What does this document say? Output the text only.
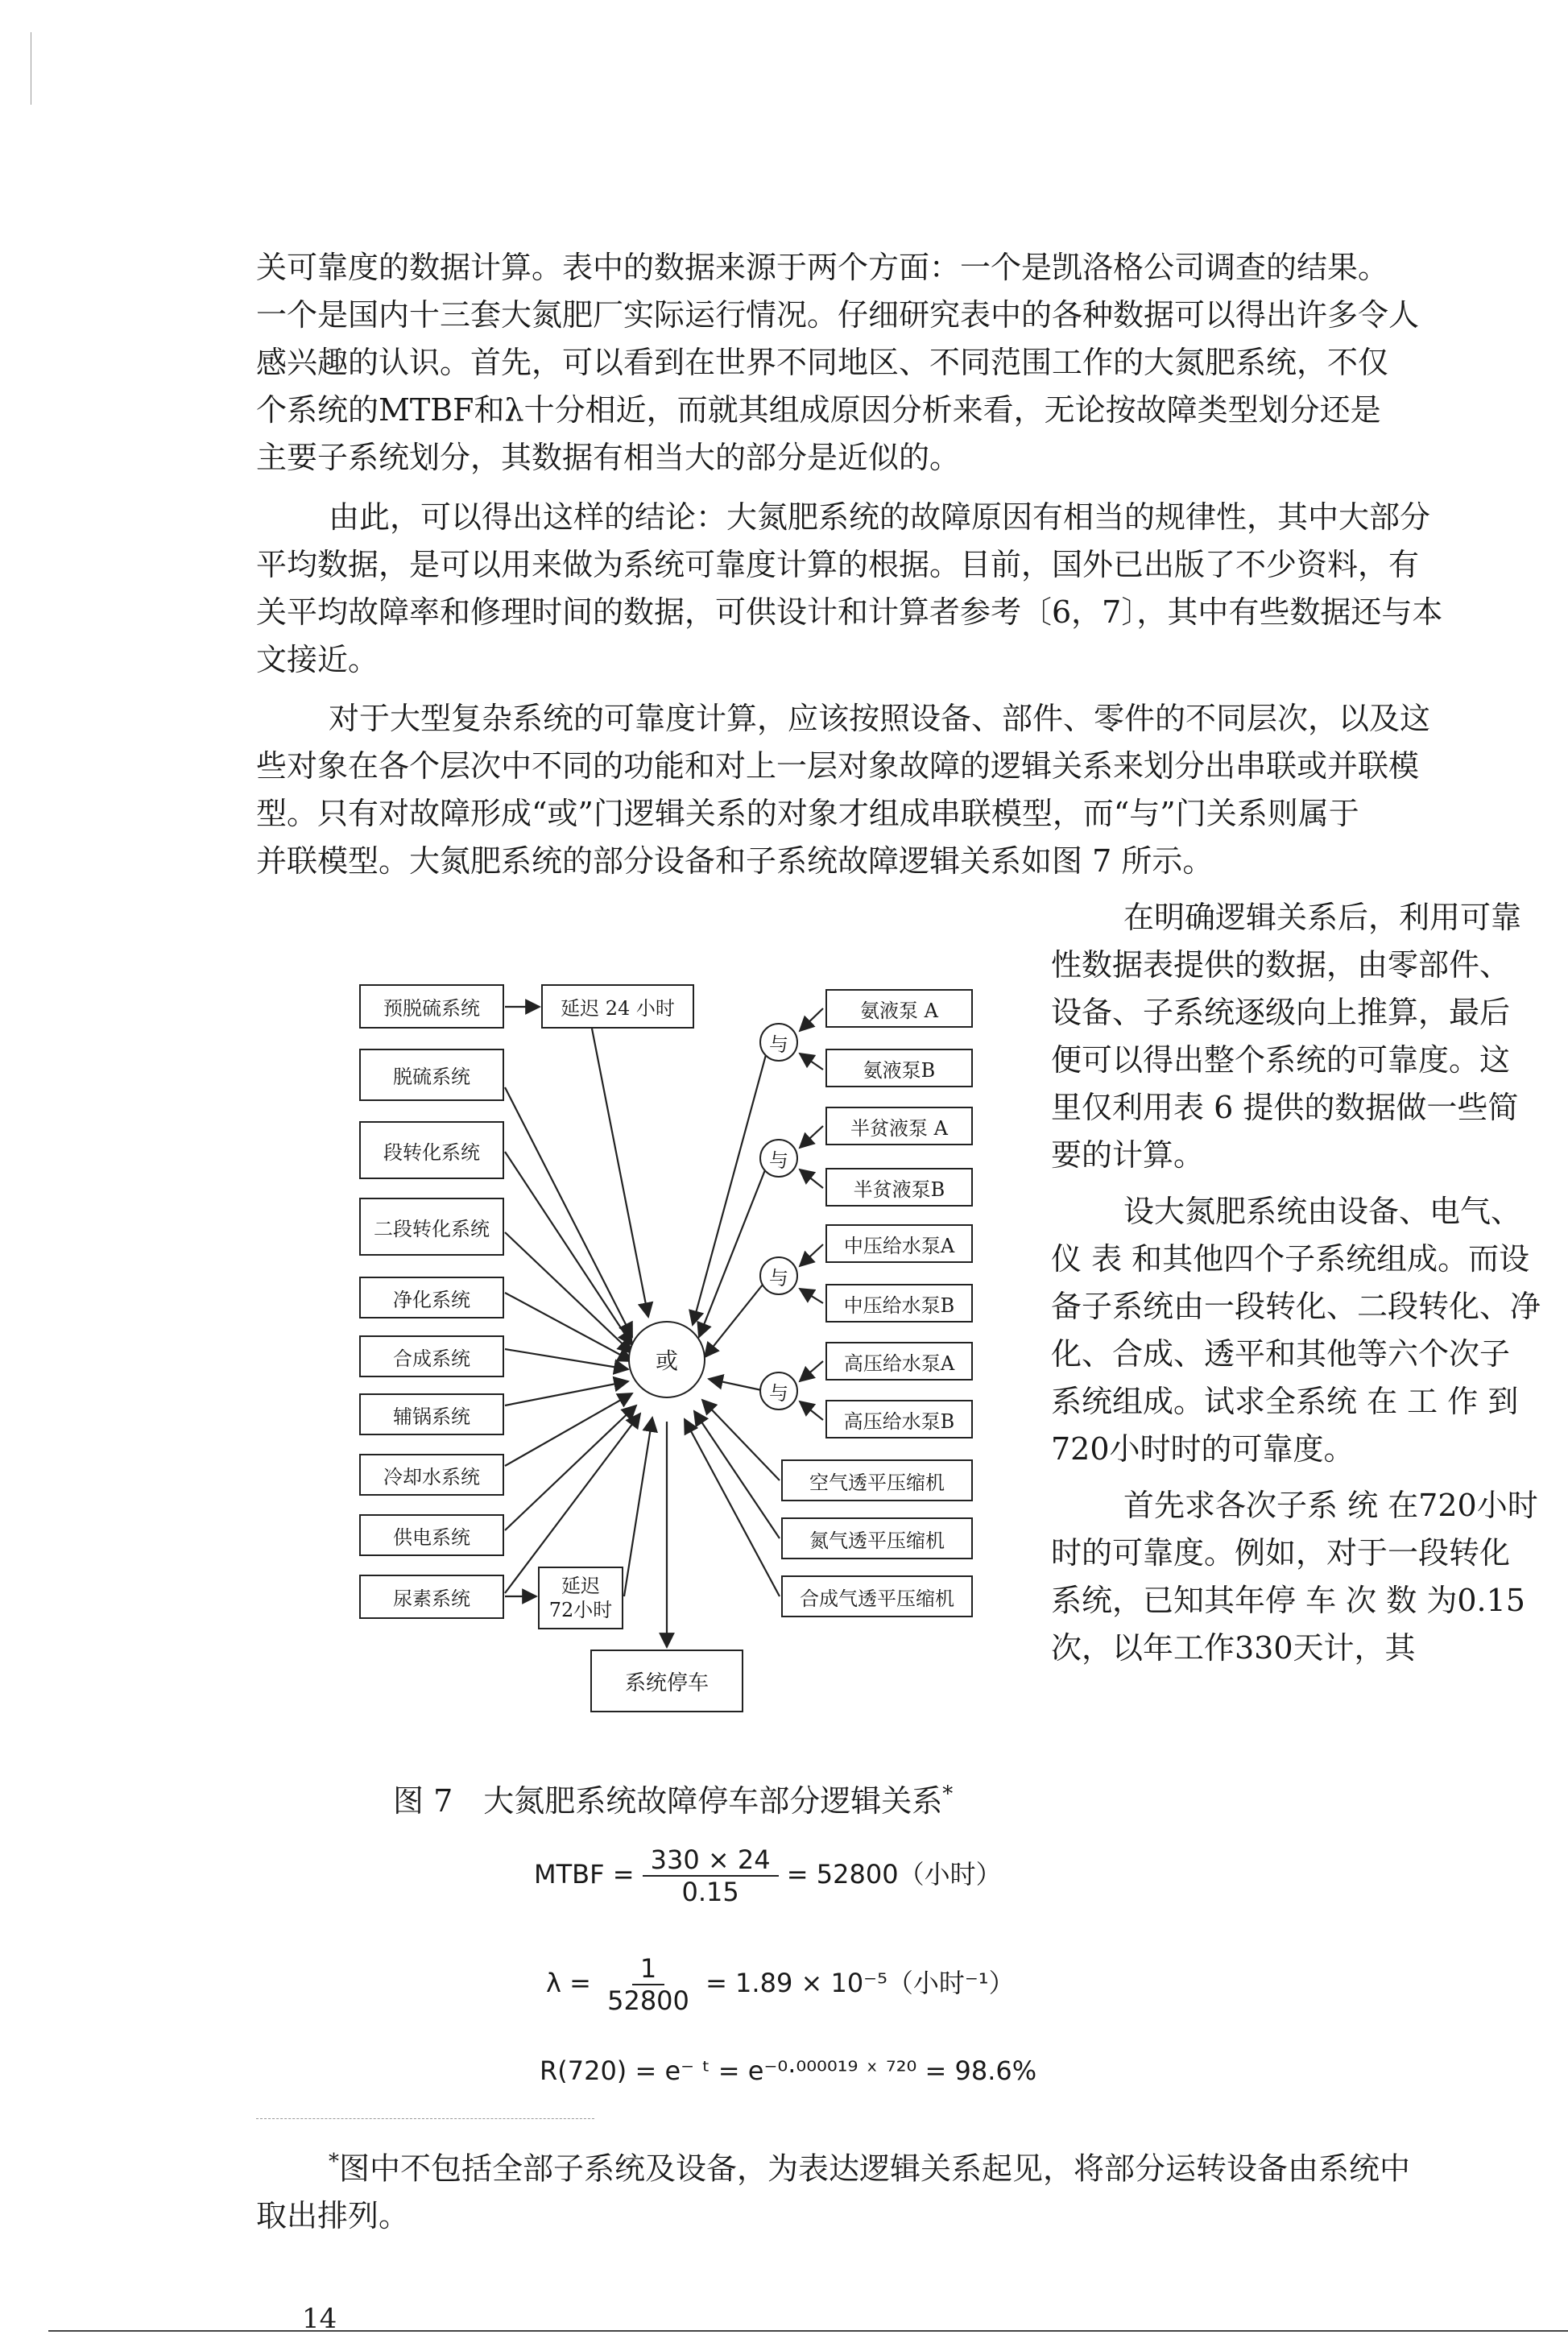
关可靠度的数据计算。表中的数据来源于两个方面：一个是凯洛格公司调查的结果。
一个是国内十三套大氮肥厂实际运行情况。仔细研究表中的各种数据可以得出许多令人
感兴趣的认识。首先，可以看到在世界不同地区、不同范围工作的大氮肥系统，不仅
个系统的MTBF和λ十分相近，而就其组成原因分析来看，无论按故障类型划分还是
主要子系统划分，其数据有相当大的部分是近似的。
由此，可以得出这样的结论：大氮肥系统的故障原因有相当的规律性，其中大部分
平均数据，是可以用来做为系统可靠度计算的根据。目前，国外已出版了不少资料，有
关平均故障率和修理时间的数据，可供设计和计算者参考〔6，7〕，其中有些数据还与本
文接近。
对于大型复杂系统的可靠度计算，应该按照设备、部件、零件的不同层次，以及这
些对象在各个层次中不同的功能和对上一层对象故障的逻辑关系来划分出串联或并联模
型。只有对故障形成“或”门逻辑关系的对象才组成串联模型，而“与”门关系则属于
并联模型。大氮肥系统的部分设备和子系统故障逻辑关系如图 7 所示。
在明确逻辑关系后，利用可靠
性数据表提供的数据，由零部件、
设备、子系统逐级向上推算，最后
便可以得出整个系统的可靠度。这
里仅利用表 6 提供的数据做一些简
要的计算。
设大氮肥系统由设备、电气、
仪 表 和其他四个子系统组成。而设
备子系统由一段转化、二段转化、净
化、合成、透平和其他等六个次子
系统组成。试求全系统 在 工 作 到
720小时时的可靠度。
首先求各次子系 统 在720小时
时的可靠度。例如，对于一段转化
系统，已知其年停 车 次 数 为0.15
次，以年工作330天计，其
预脱硫系统
脱硫系统
段转化系统
二段转化系统
净化系统
合成系统
辅锅系统
冷却水系统
供电系统
尿素系统
延迟 24 小时
延迟
72小时
或
与
与
与
与
氨液泵 A
氨液泵B
半贫液泵 A
半贫液泵B
中压给水泵A
中压给水泵B
高压给水泵A
高压给水泵B
空气透平压缩机
氮气透平压缩机
合成气透平压缩机
系统停车
图 7　大氮肥系统故障停车部分逻辑关系*
MTBF = $\frac{330 \times 24}{0.15} = 52800$（小时）
$\lambda = \frac{1}{52800} = 1.89 \times 10^{-5}$（小时⁻¹）
R(720) = e⁻ ᵗ = e⁻⁰·⁰⁰⁰⁰¹⁹ ˣ ⁷²⁰ = 98.6%
*图中不包括全部子系统及设备，为表达逻辑关系起见，将部分运转设备由系统中
取出排列。
14
